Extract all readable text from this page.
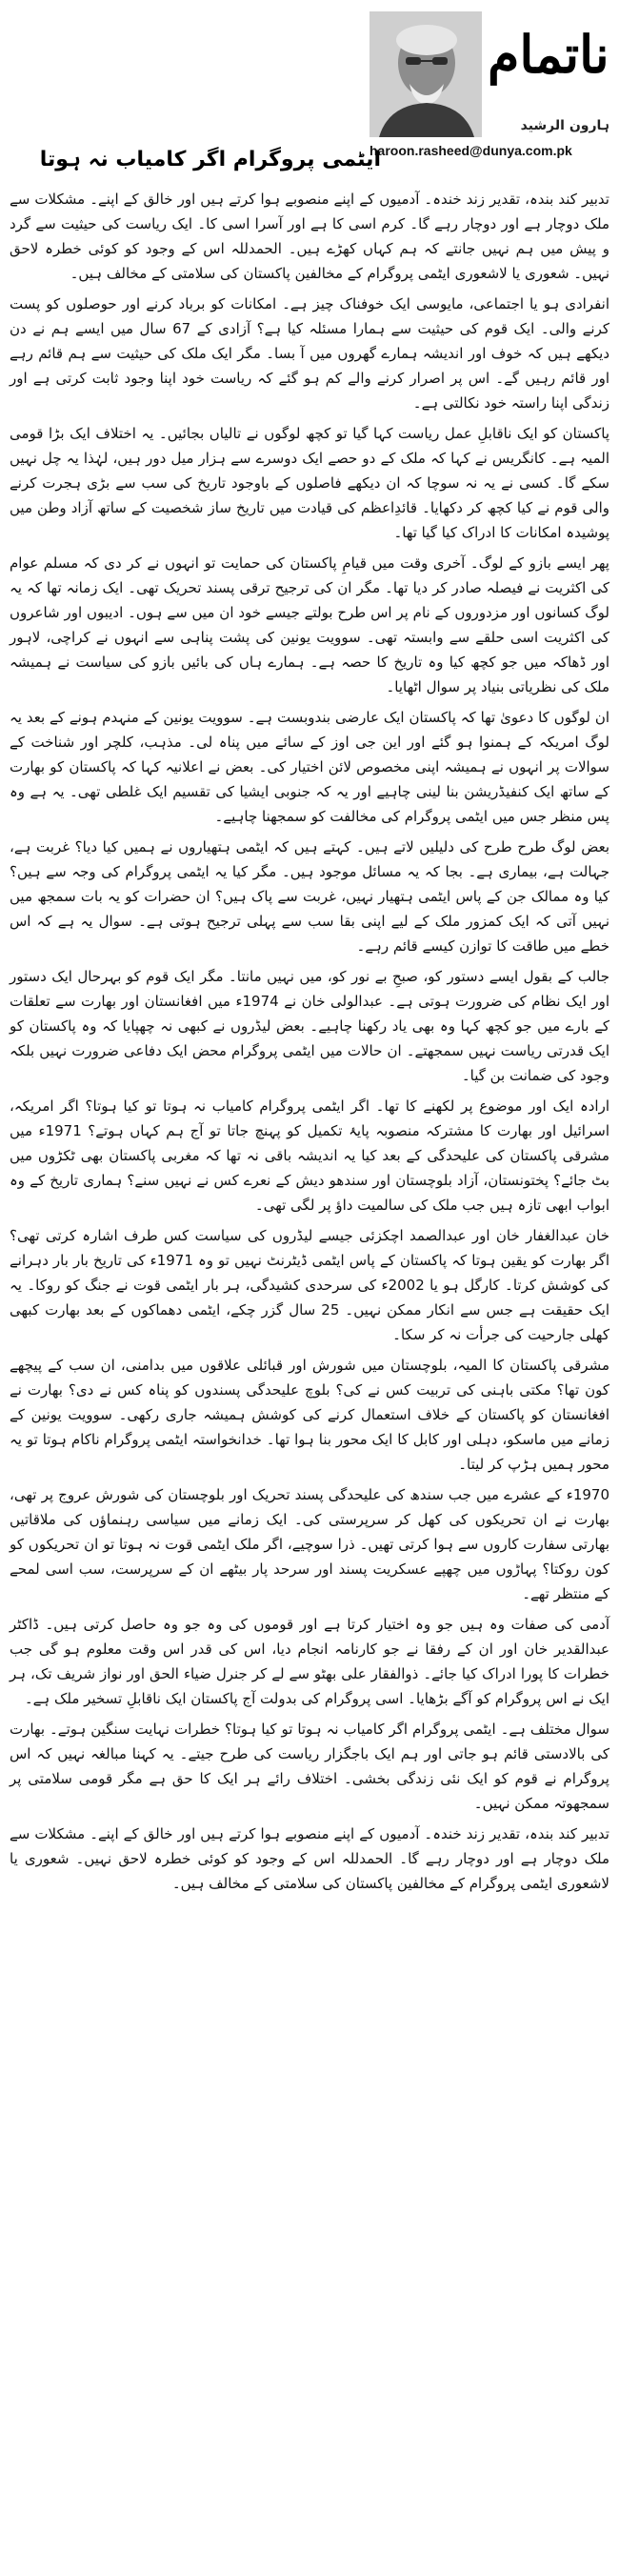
ناتمام
ہارون الرشید
haroon.rasheed@dunya.com.pk
ایٹمی پروگرام اگر کامیاب نہ ہوتا

تدبیر کند بندہ، تقدیر زند خندہ۔ آدمیوں کے اپنے منصوبے ہوا کرتے ہیں اور خالق کے اپنے۔ مشکلات سے ملک دوچار ہے اور دوچار رہے گا۔ کرم اسی کا ہے اور آسرا اسی کا۔ ایک ریاست کی حیثیت سے گرد و پیش میں ہم نہیں جانتے کہ ہم کہاں کھڑے ہیں۔ الحمدللہ اس کے وجود کو کوئی خطرہ لاحق نہیں۔ شعوری یا لاشعوری ایٹمی پروگرام کے مخالفین پاکستان کی سلامتی کے مخالف ہیں۔

انفرادی ہو یا اجتماعی، مایوسی ایک خوفناک چیز ہے۔ امکانات کو برباد کرنے اور حوصلوں کو پست کرنے والی۔ ایک قوم کی حیثیت سے ہمارا مسئلہ کیا ہے؟ آزادی کے 67 سال میں ایسے ہم نے دن دیکھے ہیں کہ خوف اور اندیشہ ہمارے گھروں میں آ بسا۔ مگر ایک ملک کی حیثیت سے ہم قائم رہے اور قائم رہیں گے۔ اس پر اصرار کرنے والے کم ہو گئے کہ ریاست خود اپنا وجود ثابت کرتی ہے اور زندگی اپنا راستہ خود نکالتی ہے۔

پاکستان کو ایک ناقابلِ عمل ریاست کہا گیا تو کچھ لوگوں نے تالیاں بجائیں۔ یہ اختلاف ایک بڑا قومی المیہ ہے۔ کانگریس نے کہا کہ ملک کے دو حصے ایک دوسرے سے ہزار میل دور ہیں، لہٰذا یہ چل نہیں سکے گا۔ کسی نے یہ نہ سوچا کہ ان دیکھے فاصلوں کے باوجود تاریخ کی سب سے بڑی ہجرت کرنے والی قوم نے کیا کچھ کر دکھایا۔ قائدِاعظم کی قیادت میں تاریخ ساز شخصیت کے ساتھ آزاد وطن میں پوشیدہ امکانات کا ادراک کیا گیا تھا۔

پھر ایسے بازو کے لوگ۔ آخری وقت میں قیامِ پاکستان کی حمایت تو انہوں نے کر دی کہ مسلم عوام کی اکثریت نے فیصلہ صادر کر دیا تھا۔ مگر ان کی ترجیح ترقی پسند تحریک تھی۔ ایک زمانہ تھا کہ یہ لوگ کسانوں اور مزدوروں کے نام پر اس طرح بولتے جیسے خود ان میں سے ہوں۔ ادیبوں اور شاعروں کی اکثریت اسی حلقے سے وابستہ تھی۔ سوویت یونین کی پشت پناہی سے انہوں نے کراچی، لاہور اور ڈھاکہ میں جو کچھ کیا وہ تاریخ کا حصہ ہے۔ ہمارے ہاں کی بائیں بازو کی سیاست نے ہمیشہ ملک کی نظریاتی بنیاد پر سوال اٹھایا۔

ان لوگوں کا دعویٰ تھا کہ پاکستان ایک عارضی بندوبست ہے۔ سوویت یونین کے منہدم ہونے کے بعد یہ لوگ امریکہ کے ہمنوا ہو گئے اور این جی اوز کے سائے میں پناہ لی۔ مذہب، کلچر اور شناخت کے سوالات پر انہوں نے ہمیشہ اپنی مخصوص لائن اختیار کی۔ بعض نے اعلانیہ کہا کہ پاکستان کو بھارت کے ساتھ ایک کنفیڈریشن بنا لینی چاہیے اور یہ کہ جنوبی ایشیا کی تقسیم ایک غلطی تھی۔ یہ ہے وہ پس منظر جس میں ایٹمی پروگرام کی مخالفت کو سمجھنا چاہیے۔

بعض لوگ طرح طرح کی دلیلیں لاتے ہیں۔ کہتے ہیں کہ ایٹمی ہتھیاروں نے ہمیں کیا دیا؟ غربت ہے، جہالت ہے، بیماری ہے۔ بجا کہ یہ مسائل موجود ہیں۔ مگر کیا یہ ایٹمی پروگرام کی وجہ سے ہیں؟ کیا وہ ممالک جن کے پاس ایٹمی ہتھیار نہیں، غربت سے پاک ہیں؟ ان حضرات کو یہ بات سمجھ میں نہیں آتی کہ ایک کمزور ملک کے لیے اپنی بقا سب سے پہلی ترجیح ہوتی ہے۔ سوال یہ ہے کہ اس خطے میں طاقت کا توازن کیسے قائم رہے۔

جالب کے بقول ایسے دستور کو، صبحِ بے نور کو، میں نہیں مانتا۔ مگر ایک قوم کو بہرحال ایک دستور اور ایک نظام کی ضرورت ہوتی ہے۔ عبدالولی خان نے 1974ء میں افغانستان اور بھارت سے تعلقات کے بارے میں جو کچھ کہا وہ بھی یاد رکھنا چاہیے۔ بعض لیڈروں نے کبھی نہ چھپایا کہ وہ پاکستان کو ایک قدرتی ریاست نہیں سمجھتے۔ ان حالات میں ایٹمی پروگرام محض ایک دفاعی ضرورت نہیں بلکہ وجود کی ضمانت بن گیا۔

ارادہ ایک اور موضوع پر لکھنے کا تھا۔ اگر ایٹمی پروگرام کامیاب نہ ہوتا تو کیا ہوتا؟ اگر امریکہ، اسرائیل اور بھارت کا مشترکہ منصوبہ پایۂ تکمیل کو پہنچ جاتا تو آج ہم کہاں ہوتے؟ 1971ء میں مشرقی پاکستان کی علیحدگی کے بعد کیا یہ اندیشہ باقی نہ تھا کہ مغربی پاکستان بھی ٹکڑوں میں بٹ جائے؟ پختونستان، آزاد بلوچستان اور سندھو دیش کے نعرے کس نے نہیں سنے؟ ہماری تاریخ کے وہ ابواب ابھی تازہ ہیں جب ملک کی سالمیت داؤ پر لگی تھی۔

خان عبدالغفار خان اور عبدالصمد اچکزئی جیسے لیڈروں کی سیاست کس طرف اشارہ کرتی تھی؟ اگر بھارت کو یقین ہوتا کہ پاکستان کے پاس ایٹمی ڈیٹرنٹ نہیں تو وہ 1971ء کی تاریخ بار بار دہرانے کی کوشش کرتا۔ کارگل ہو یا 2002ء کی سرحدی کشیدگی، ہر بار ایٹمی قوت نے جنگ کو روکا۔ یہ ایک حقیقت ہے جس سے انکار ممکن نہیں۔ 25 سال گزر چکے، ایٹمی دھماکوں کے بعد بھارت کبھی کھلی جارحیت کی جرأت نہ کر سکا۔

مشرقی پاکستان کا المیہ، بلوچستان میں شورش اور قبائلی علاقوں میں بدامنی، ان سب کے پیچھے کون تھا؟ مکتی باہنی کی تربیت کس نے کی؟ بلوچ علیحدگی پسندوں کو پناہ کس نے دی؟ بھارت نے افغانستان کو پاکستان کے خلاف استعمال کرنے کی کوشش ہمیشہ جاری رکھی۔ سوویت یونین کے زمانے میں ماسکو، دہلی اور کابل کا ایک محور بنا ہوا تھا۔ خدانخواستہ ایٹمی پروگرام ناکام ہوتا تو یہ محور ہمیں ہڑپ کر لیتا۔

1970ء کے عشرے میں جب سندھ کی علیحدگی پسند تحریک اور بلوچستان کی شورش عروج پر تھی، بھارت نے ان تحریکوں کی کھل کر سرپرستی کی۔ ایک زمانے میں سیاسی رہنماؤں کی ملاقاتیں بھارتی سفارت کاروں سے ہوا کرتی تھیں۔ ذرا سوچیے، اگر ملک ایٹمی قوت نہ ہوتا تو ان تحریکوں کو کون روکتا؟ پہاڑوں میں چھپے عسکریت پسند اور سرحد پار بیٹھے ان کے سرپرست، سب اسی لمحے کے منتظر تھے۔

آدمی کی صفات وہ ہیں جو وہ اختیار کرتا ہے اور قوموں کی وہ جو وہ حاصل کرتی ہیں۔ ڈاکٹر عبدالقدیر خان اور ان کے رفقا نے جو کارنامہ انجام دیا، اس کی قدر اس وقت معلوم ہو گی جب خطرات کا پورا ادراک کیا جائے۔ ذوالفقار علی بھٹو سے لے کر جنرل ضیاء الحق اور نواز شریف تک، ہر ایک نے اس پروگرام کو آگے بڑھایا۔ اسی پروگرام کی بدولت آج پاکستان ایک ناقابلِ تسخیر ملک ہے۔

سوال مختلف ہے۔ ایٹمی پروگرام اگر کامیاب نہ ہوتا تو کیا ہوتا؟ خطرات نہایت سنگین ہوتے۔ بھارت کی بالادستی قائم ہو جاتی اور ہم ایک باجگزار ریاست کی طرح جیتے۔ یہ کہنا مبالغہ نہیں کہ اس پروگرام نے قوم کو ایک نئی زندگی بخشی۔ اختلاف رائے ہر ایک کا حق ہے مگر قومی سلامتی پر سمجھوتہ ممکن نہیں۔

تدبیر کند بندہ، تقدیر زند خندہ۔ آدمیوں کے اپنے منصوبے ہوا کرتے ہیں اور خالق کے اپنے۔ مشکلات سے ملک دوچار ہے اور دوچار رہے گا۔ الحمدللہ اس کے وجود کو کوئی خطرہ لاحق نہیں۔ شعوری یا لاشعوری ایٹمی پروگرام کے مخالفین پاکستان کی سلامتی کے مخالف ہیں۔
